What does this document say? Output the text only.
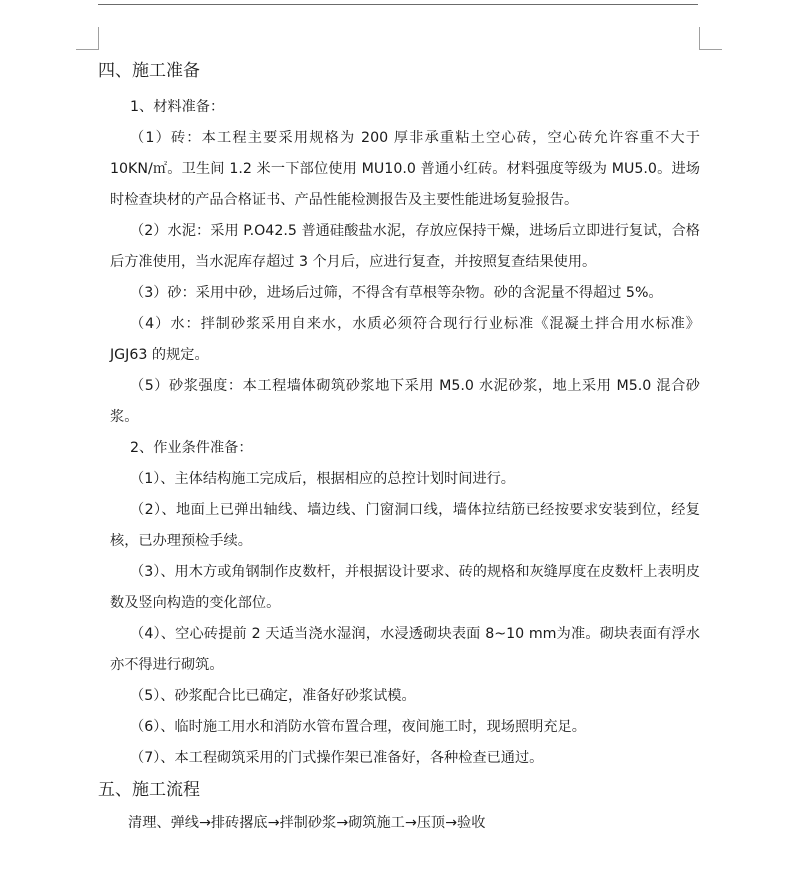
四、施工准备

1、材料准备：

（1）砖：本工程主要采用规格为 200 厚非承重粘土空心砖，空心砖允许容重不大于 10KN/㎡。卫生间 1.2 米一下部位使用 MU10.0 普通小红砖。材料强度等级为 MU5.0。进场时检查块材的产品合格证书、产品性能检测报告及主要性能进场复验报告。

（2）水泥：采用 P.O42.5 普通硅酸盐水泥，存放应保持干燥，进场后立即进行复试，合格后方准使用，当水泥库存超过 3 个月后，应进行复查，并按照复查结果使用。

（3）砂：采用中砂，进场后过筛，不得含有草根等杂物。砂的含泥量不得超过 5%。

（4）水：拌制砂浆采用自来水，水质必须符合现行行业标准《混凝土拌合用水标准》JGJ63 的规定。

（5）砂浆强度：本工程墙体砌筑砂浆地下采用 M5.0 水泥砂浆，地上采用 M5.0 混合砂浆。

2、作业条件准备：

（1）、主体结构施工完成后，根据相应的总控计划时间进行。

（2）、地面上已弹出轴线、墙边线、门窗洞口线，墙体拉结筋已经按要求安装到位，经复核，已办理预检手续。

（3）、用木方或角钢制作皮数杆，并根据设计要求、砖的规格和灰缝厚度在皮数杆上表明皮数及竖向构造的变化部位。

（4）、空心砖提前 2 天适当浇水湿润，水浸透砌块表面 8~10 mm为准。砌块表面有浮水亦不得进行砌筑。

（5）、砂浆配合比已确定，准备好砂浆试模。

（6）、临时施工用水和消防水管布置合理，夜间施工时，现场照明充足。

（7）、本工程砌筑采用的门式操作架已准备好，各种检查已通过。

五、施工流程

清理、弹线→排砖撂底→拌制砂浆→砌筑施工→压顶→验收
